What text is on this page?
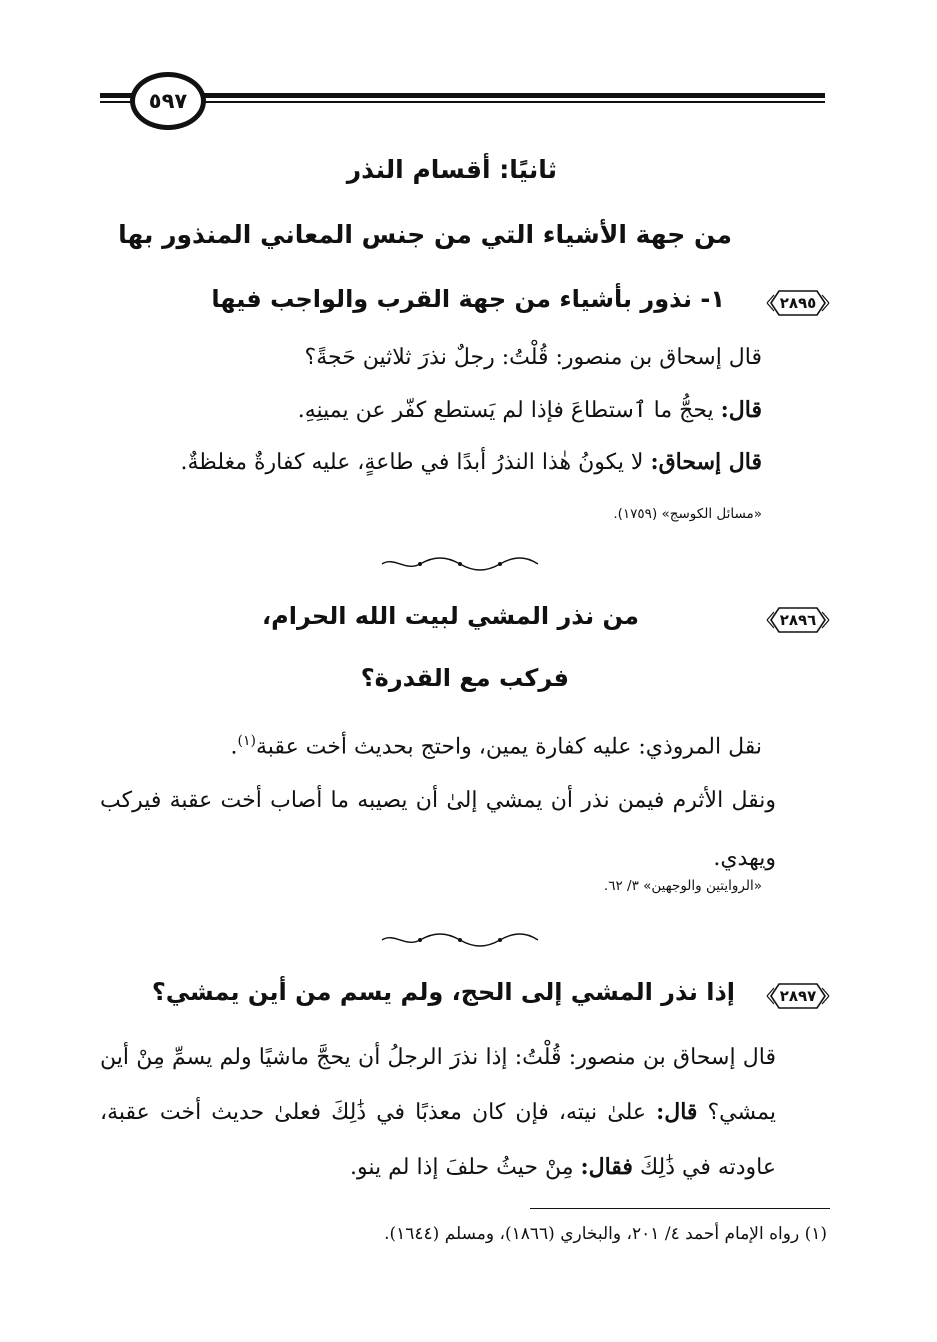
٥٩٧
ثانيًا: أقسام النذر
من جهة الأشياء التي من جنس المعاني المنذور بها
٢٨٩٥
١- نذور بأشياء من جهة القرب والواجب فيها
قال إسحاق بن منصور: قُلْتُ: رجلٌ نذرَ ثلاثين حَجةً؟
قال: يحجُّ ما ٱستطاعَ فإذا لم يَستطع كفّر عن يمينِهِ.
قال إسحاق: لا يكونُ هٰذا النذرُ أبدًا في طاعةٍ، عليه كفارةٌ مغلظةٌ.
«مسائل الكوسج» (١٧٥٩).
٢٨٩٦
من نذر المشي لبيت الله الحرام،
فركب مع القدرة؟
نقل المروذي: عليه كفارة يمين، واحتج بحديث أخت عقبة$^{(١)}$.
ونقل الأثرم فيمن نذر أن يمشي إلىٰ أن يصيبه ما أصاب أخت عقبة فيركب ويهدي.
«الروايتين والوجهين» ٣/ ٦٢.
٢٨٩٧
إذا نذر المشي إلى الحج، ولم يسم من أين يمشي؟
قال إسحاق بن منصور: قُلْتُ: إذا نذرَ الرجلُ أن يحجَّ ماشيًا ولم يسمِّ مِنْ أين يمشي؟ قال: علىٰ نيته، فإن كان معذبًا في ذَٰلِكَ فعلىٰ حديث أخت عقبة، عاودته في ذَٰلِكَ فقال: مِنْ حيثُ حلفَ إذا لم ينو.
(١) رواه الإمام أحمد ٤/ ٢٠١، والبخاري (١٨٦٦)، ومسلم (١٦٤٤).
